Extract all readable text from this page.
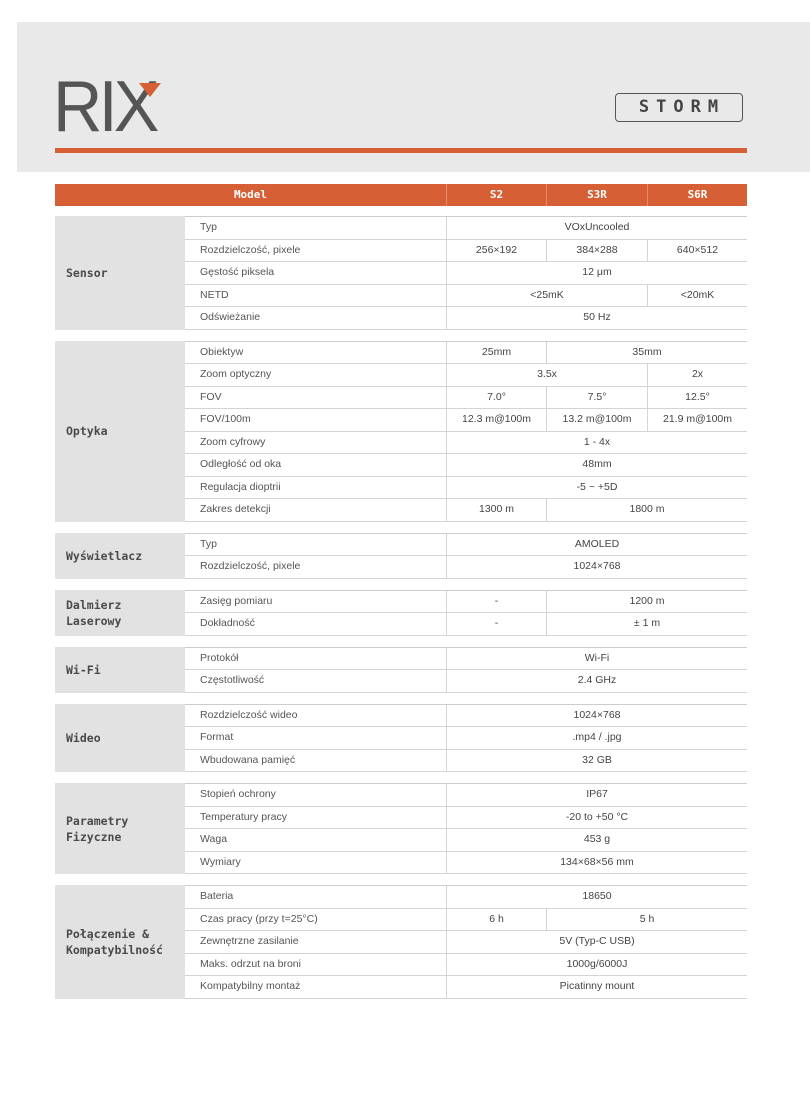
RIX	STORM
Model	S2	S3R	S6R
Sensor
Typ	VOxUncooled
Rozdzielczość, pixele	256×192	384×288	640×512
Gęstość piksela	12 μm
NETD	<25mK	<20mK
Odświeżanie	50 Hz
Optyka
Obiektyw	25mm	35mm
Zoom optyczny	3.5x	2x
FOV	7.0°	7.5°	12.5°
FOV/100m	12.3 m@100m	13.2 m@100m	21.9 m@100m
Zoom cyfrowy	1 - 4x
Odległość od oka	48mm
Regulacja dioptrii	-5 ~ +5D
Zakres detekcji	1300 m	1800 m
Wyświetlacz
Typ	AMOLED
Rozdzielczość, pixele	1024×768
Dalmierz
Laserowy
Zasięg pomiaru	-	1200 m
Dokładność	-	± 1 m
Wi-Fi
Protokół	Wi-Fi
Częstotliwość	2.4 GHz
Wideo
Rozdzielczość wideo	1024×768
Format	.mp4 / .jpg
Wbudowana pamięć	32 GB
Parametry
Fizyczne
Stopień ochrony	IP67
Temperatury pracy	-20 to +50 °C
Waga	453 g
Wymiary	134×68×56 mm
Połączenie &
Kompatybilność
Bateria	18650
Czas pracy (przy t=25°C)	6 h	5 h
Zewnętrzne zasilanie	5V (Typ-C USB)
Maks. odrzut na broni	1000g/6000J
Kompatybilny montaż	Picatinny mount
